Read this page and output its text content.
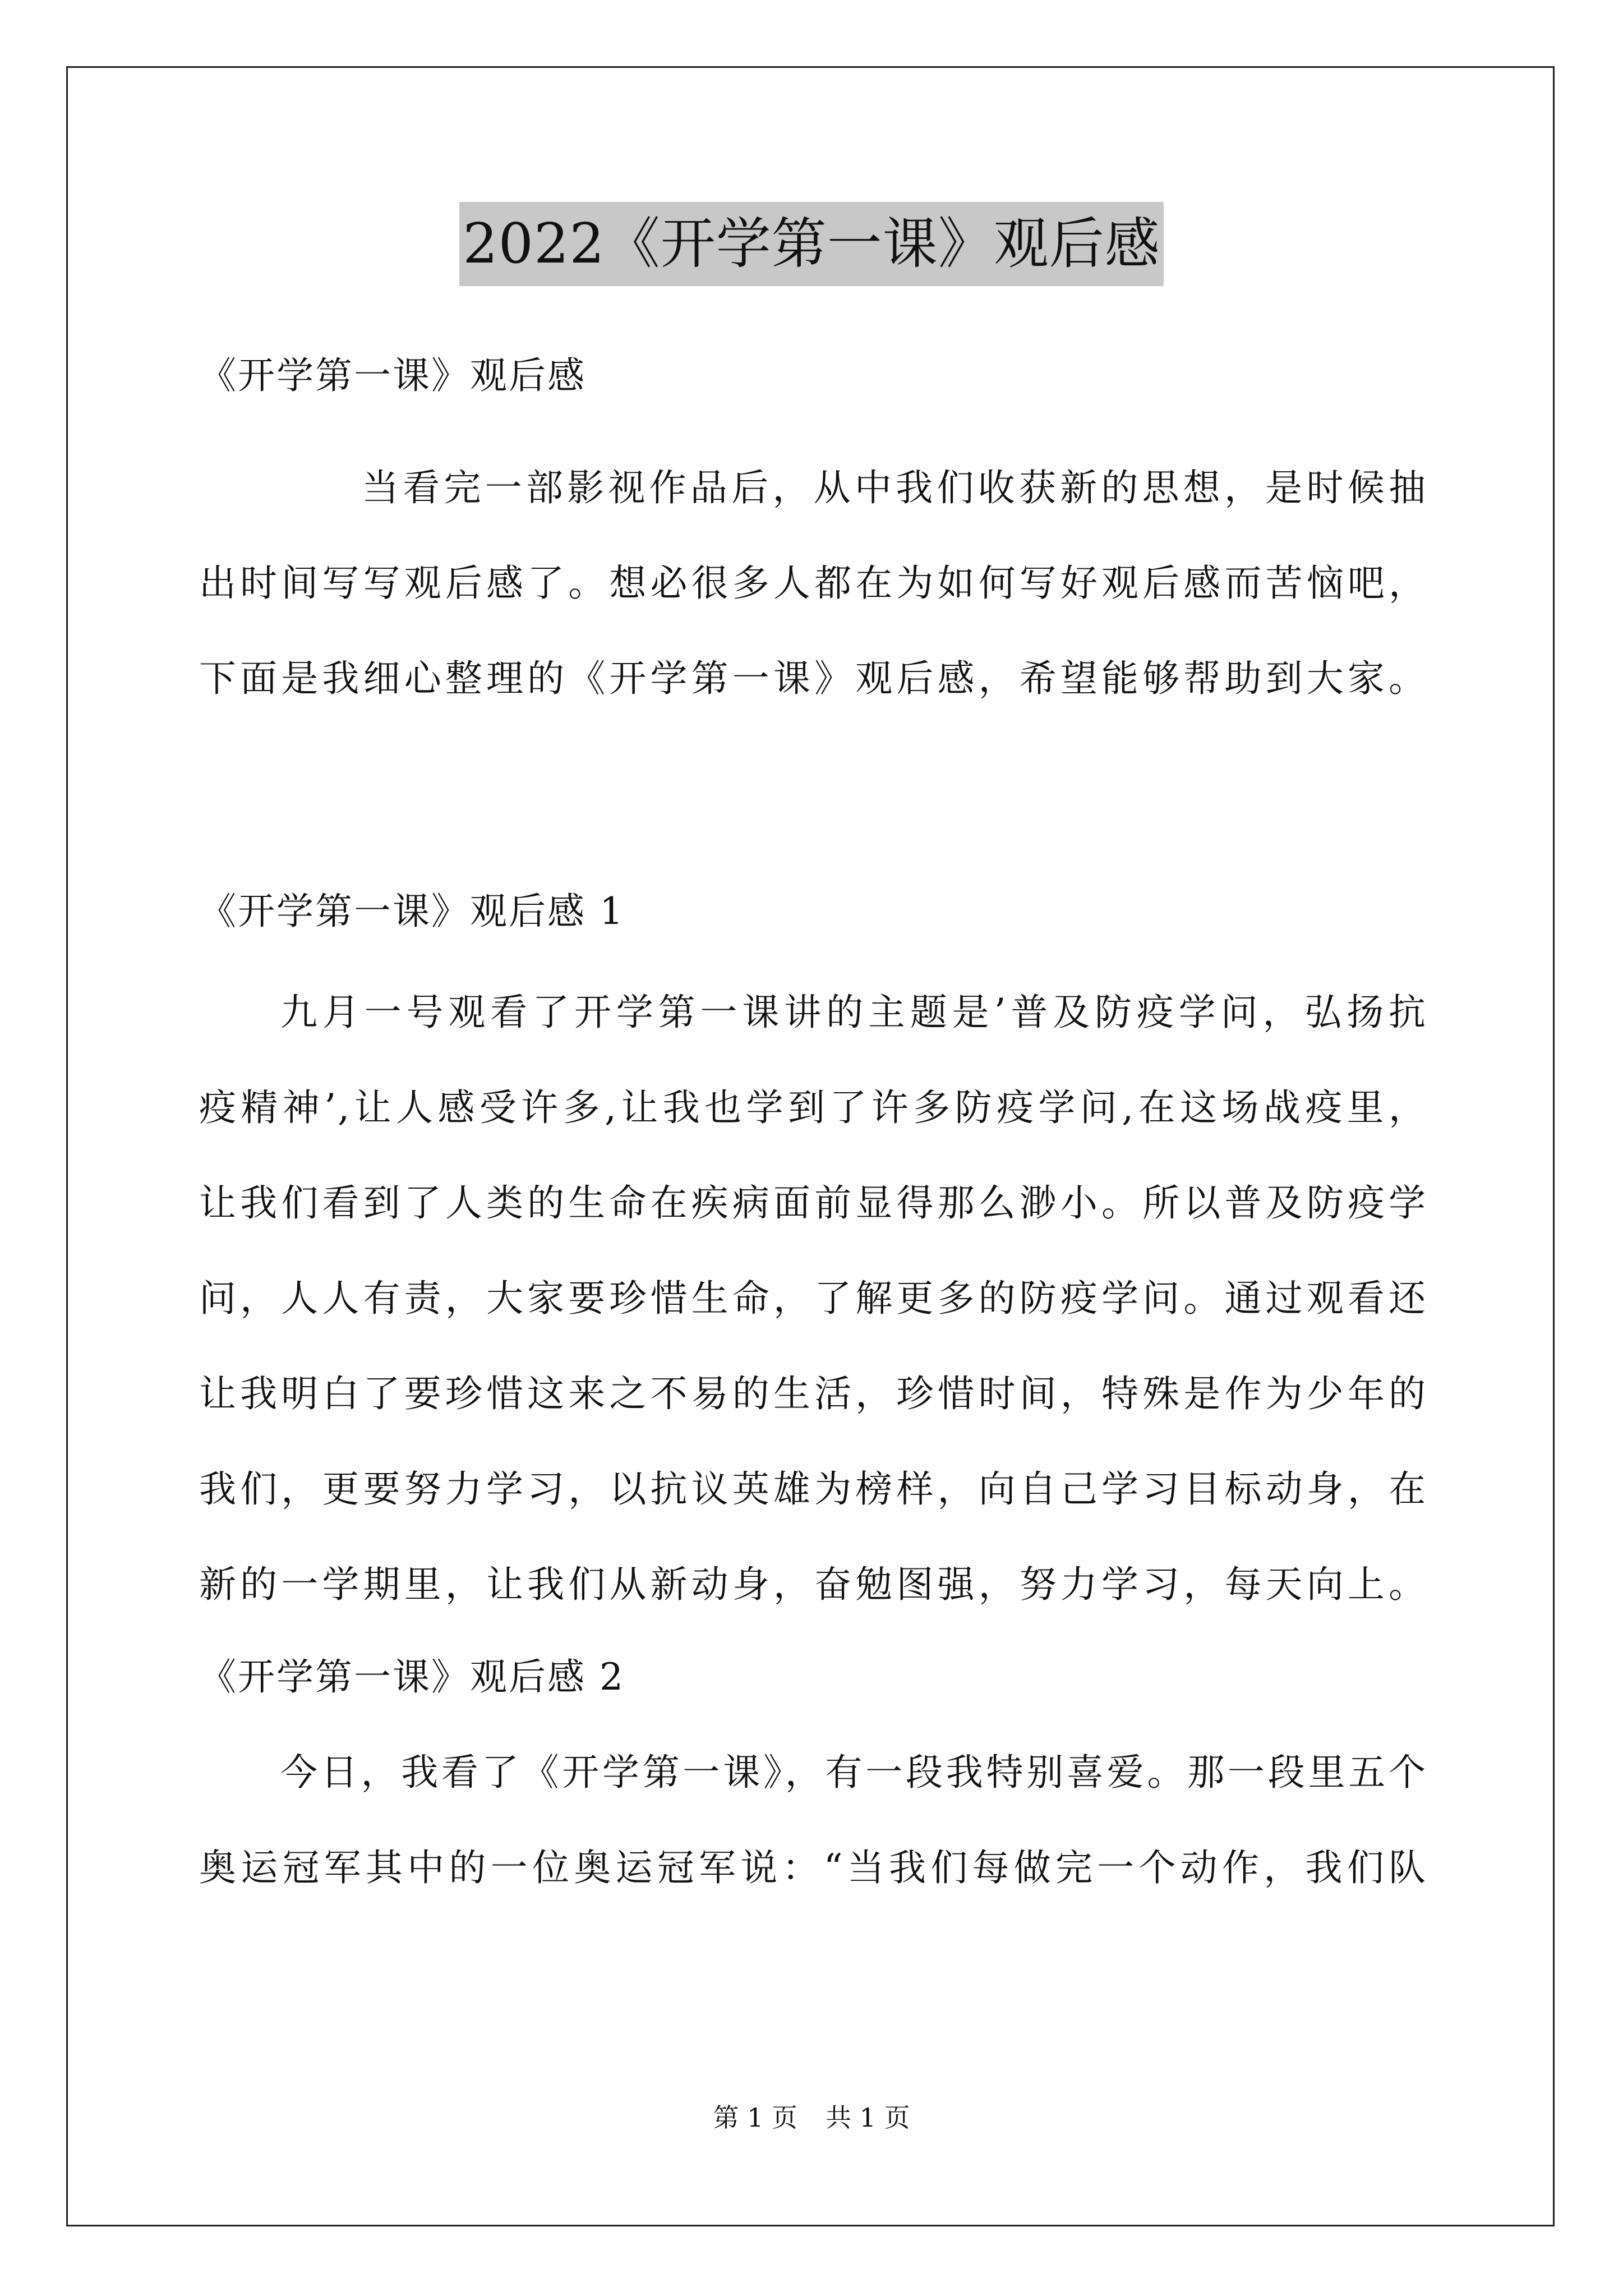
2022《开学第一课》观后感
《开学第一课》观后感
当看完一部影视作品后，从中我们收获新的思想，是时候抽
出时间写写观后感了。想必很多人都在为如何写好观后感而苦恼吧，
下面是我细心整理的《开学第一课》观后感，希望能够帮助到大家。
《开学第一课》观后感 1
九月一号观看了开学第一课讲的主题是’普及防疫学问，弘扬抗
疫精神’,让人感受许多,让我也学到了许多防疫学问,在这场战疫里，
让我们看到了人类的生命在疾病面前显得那么渺小。所以普及防疫学
问，人人有责，大家要珍惜生命，了解更多的防疫学问。通过观看还
让我明白了要珍惜这来之不易的生活，珍惜时间，特殊是作为少年的
我们，更要努力学习，以抗议英雄为榜样，向自己学习目标动身，在
新的一学期里，让我们从新动身，奋勉图强，努力学习，每天向上。
《开学第一课》观后感 2
今日，我看了《开学第一课》，有一段我特别喜爱。那一段里五个
奥运冠军其中的一位奥运冠军说：“当我们每做完一个动作，我们队
第 1 页 共 1 页
